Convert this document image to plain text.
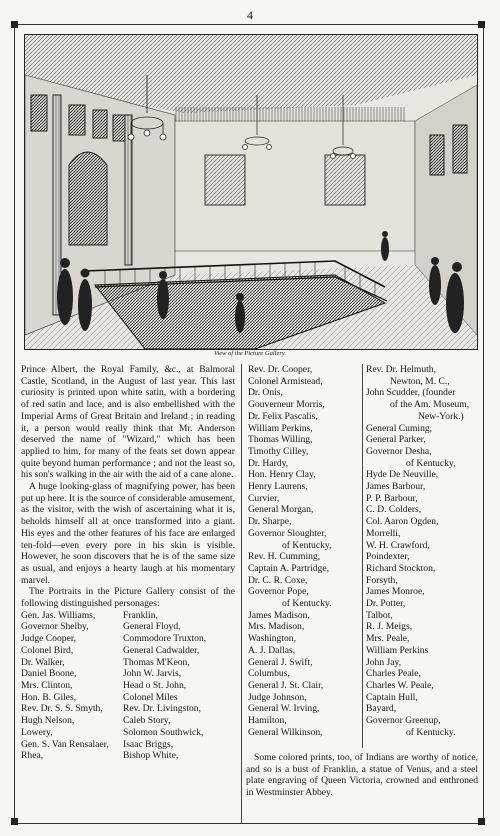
4
View of the Picture Gallery.

Prince Albert, the Royal Family, &c., at Balmoral Castle, Scotland, in the August of last year. This last curiosity is printed upon white satin, with a bordering of red satin and lace, and is also embellished with the Imperial Arms of Great Britain and Ireland ; in reading it, a person would really think that Mr. Anderson deserved the name of "Wizard," which has been applied to him, for many of the feats set down appear quite beyond human performance ; and not the least so, his son's walking in the air with the aid of a cane alone.

A huge looking-glass of magnifying power, has been put up here. It is the source of considerable amusement, as the visitor, with the wish of ascertaining what it is, beholds himself all at once transformed into a giant. His eyes and the other features of his face are enlarged ten-fold—even every pore in his skin is visible. However, he soon discovers that he is of the same size as usual, and enjoys a hearty laugh at his momentary marvel.

The Portraits in the Picture Gallery consist of the following distinguished personages:

Gen. Jas. Williams,
Governor Shelby,
Judge Cooper,
Colonel Bird,
Dr. Walker,
Daniel Boone,
Mrs. Clinton,
Hon. B. Giles,
Rev. Dr. S. S. Smyth,
Hugh Nelson,
Lowery,
Gen. S. Van Rensalaer,
Rhea,
Franklin,
General Floyd,
Commodore Truxton,
General Cadwalder,
Thomas M'Keon,
John W. Jarvis,
Head o St. John,
Colonel Miles
Rev. Dr. Livingston,
Caleb Story,
Solomon Southwick,
Isaac Briggs,
Bishop White,
Rev. Dr. Cooper,
Colonel Armistead,
Dr. Onis,
Gouverneur Morris,
Dr. Felix Pascalis,
William Perkins,
Thomas Willing,
Timothy Cilley,
Dr. Hardy,
Hon. Henry Clay,
Henry Laurens,
Curvier,
General Morgan,
Dr. Sharpe,
Governor Sloughter,
of Kentucky,
Rev. H. Cumming,
Captain A. Partridge,
Dr. C. R. Coxe,
Governor Pope,
of Kentucky.
James Madison,
Mrs. Madison,
Washington,
A. J. Dallas,
General J. Swift,
Columbus,
General J. St. Clair,
Judge Johnson,
General W. Irving,
Hamilton,
General Wilkinson,
Rev. Dr. Helmuth,
Newton, M. C.,
John Scudder, (founder
of the Am. Museum,
New-York.)
General Cuming,
General Parker,
Governor Desha,
of Kentucky,
Hyde De Neuville,
James Barbour,
P. P. Barbour,
C. D. Colders,
Col. Aaron Ogden,
Morrelli,
W. H. Crawford,
Poindexter,
Richard Stockton,
Forsyth,
James Monroe,
Dr. Potter,
Talbot,
R. J. Meigs,
Mrs. Peale,
William Perkins
John Jay,
Charles Peale,
Charles W. Peale,
Captain Hull,
Bayard,
Governor Greenup,
of Kentucky.
Some colored prints, too, of Indians are worthy of notice, and so is a bust of Franklin, a statue of Venus, and a steel plate engraving of Queen Victoria, crowned and enthroned in Westminster Abbey.
